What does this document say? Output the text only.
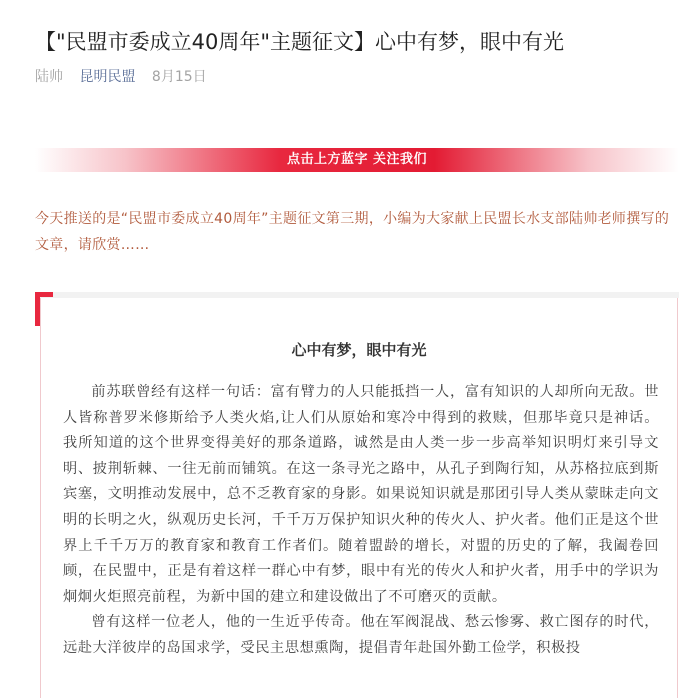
【"民盟市委成立40周年"主题征文】心中有梦，眼中有光
陆帅 昆明民盟 8月15日
点击上方蓝字 关注我们

今天推送的是“民盟市委成立40周年”主题征文第三期，小编为大家献上民盟长水支部陆帅老师撰写的文章，请欣赏……

心中有梦，眼中有光

前苏联曾经有这样一句话：富有臂力的人只能抵挡一人，富有知识的人却所向无敌。世人皆称普罗米修斯给予人类火焰,让人们从原始和寒冷中得到的救赎，但那毕竟只是神话。我所知道的这个世界变得美好的那条道路，诚然是由人类一步一步高举知识明灯来引导文明、披荆斩棘、一往无前而铺筑。在这一条寻光之路中，从孔子到陶行知，从苏格拉底到斯宾塞，文明推动发展中，总不乏教育家的身影。如果说知识就是那团引导人类从蒙昧走向文明的长明之火，纵观历史长河，千千万万保护知识火种的传火人、护火者。他们正是这个世界上千千万万的教育家和教育工作者们。随着盟龄的增长，对盟的历史的了解，我阖卷回顾，在民盟中，正是有着这样一群心中有梦，眼中有光的传火人和护火者，用手中的学识为炯炯火炬照亮前程，为新中国的建立和建设做出了不可磨灭的贡献。

曾有这样一位老人，他的一生近乎传奇。他在军阀混战、愁云惨雾、救亡图存的时代，远赴大洋彼岸的岛国求学，受民主思想熏陶，提倡青年赴国外勤工俭学，积极投
